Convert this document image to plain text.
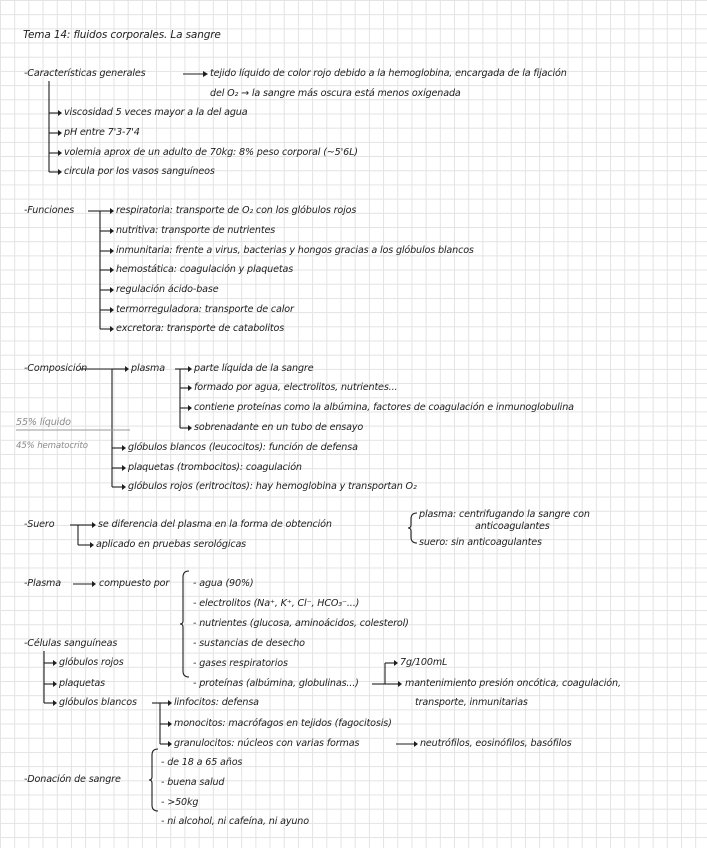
Tema 14: fluidos corporales. La sangre
-Características generales	tejido líquido de color rojo debido a la hemoglobina, encargada de la fijación
del O₂ → la sangre más oscura está menos oxigenada
viscosidad 5 veces mayor a la del agua
pH entre 7'3-7'4
volemia aprox de un adulto de 70kg: 8% peso corporal (~5'6L)
circula por los vasos sanguíneos
-Funciones	respiratoria: transporte de O₂ con los glóbulos rojos
nutritiva: transporte de nutrientes
inmunitaria: frente a virus, bacterias y hongos gracias a los glóbulos blancos
hemostática: coagulación y plaquetas
regulación ácido-base
termorreguladora: transporte de calor
excretora: transporte de catabolitos
-Composición	plasma	parte líquida de la sangre
formado por agua, electrolitos, nutrientes...
contiene proteínas como la albúmina, factores de coagulación e inmunoglobulina
sobrenadante en un tubo de ensayo
55% líquido
45% hematocrito	glóbulos blancos (leucocitos): función de defensa
plaquetas (trombocitos): coagulación
glóbulos rojos (eritrocitos): hay hemoglobina y transportan O₂
-Suero	se diferencia del plasma en la forma de obtención
aplicado en pruebas serológicas
plasma: centrifugando la sangre con
anticoagulantes
suero: sin anticoagulantes
-Plasma	compuesto por - agua (90%)
- electrolitos (Na⁺, K⁺, Cl⁻, HCO₃⁻...)
- nutrientes (glucosa, aminoácidos, colesterol)
- sustancias de desecho
- gases respiratorios
- proteínas (albúmina, globulinas...)
7g/100mL
mantenimiento presión oncótica, coagulación,
transporte, inmunitarias
-Células sanguíneas
glóbulos rojos
plaquetas
glóbulos blancos	linfocitos: defensa
monocitos: macrófagos en tejidos (fagocitosis)
granulocitos: núcleos con varias formas	neutrófilos, eosinófilos, basófilos
-Donación de sangre
- de 18 a 65 años
- buena salud
- >50kg
- ni alcohol, ni cafeína, ni ayuno
